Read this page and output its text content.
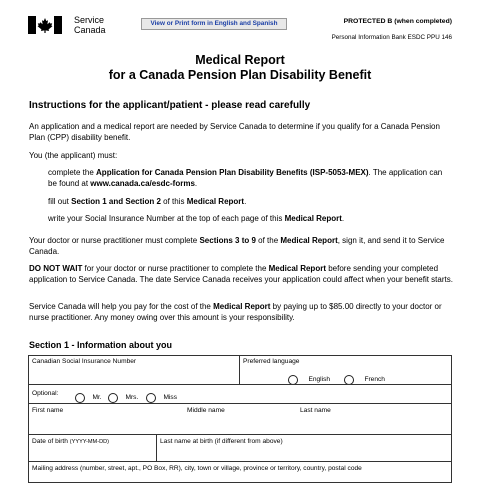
Service
Canada
View or Print form in English and Spanish	PROTECTED B (when completed)
Personal Information Bank ESDC PPU 146
Medical Report
for a Canada Pension Plan Disability Benefit
Instructions for the applicant/patient - please read carefully
An application and a medical report are needed by Service Canada to determine if you qualify for a Canada Pension Plan (CPP) disability benefit.
You (the applicant) must:
complete the Application for Canada Pension Plan Disability Benefits (ISP-5053-MEX). The application can be found at www.canada.ca/esdc-forms.
fill out Section 1 and Section 2 of this Medical Report.
write your Social Insurance Number at the top of each page of this Medical Report.
Your doctor or nurse practitioner must complete Sections 3 to 9 of the Medical Report, sign it, and send it to Service Canada.
DO NOT WAIT for your doctor or nurse practitioner to complete the Medical Report before sending your completed application to Service Canada. The date Service Canada receives your application could affect when your benefit starts.
Service Canada will help you pay for the cost of the Medical Report by paying up to $85.00 directly to your doctor or nurse practitioner. Any money owing over this amount is your responsibility.
Section 1 - Information about you
Canadian Social Insurance Number	Preferred language
English	French
Optional:
Mr.	Mrs.	Miss
First name	Middle name	Last name
Date of birth (YYYY-MM-DD)	Last name at birth (if different from above)
Mailing address (number, street, apt., PO Box, RR), city, town or village, province or territory, country, postal code
